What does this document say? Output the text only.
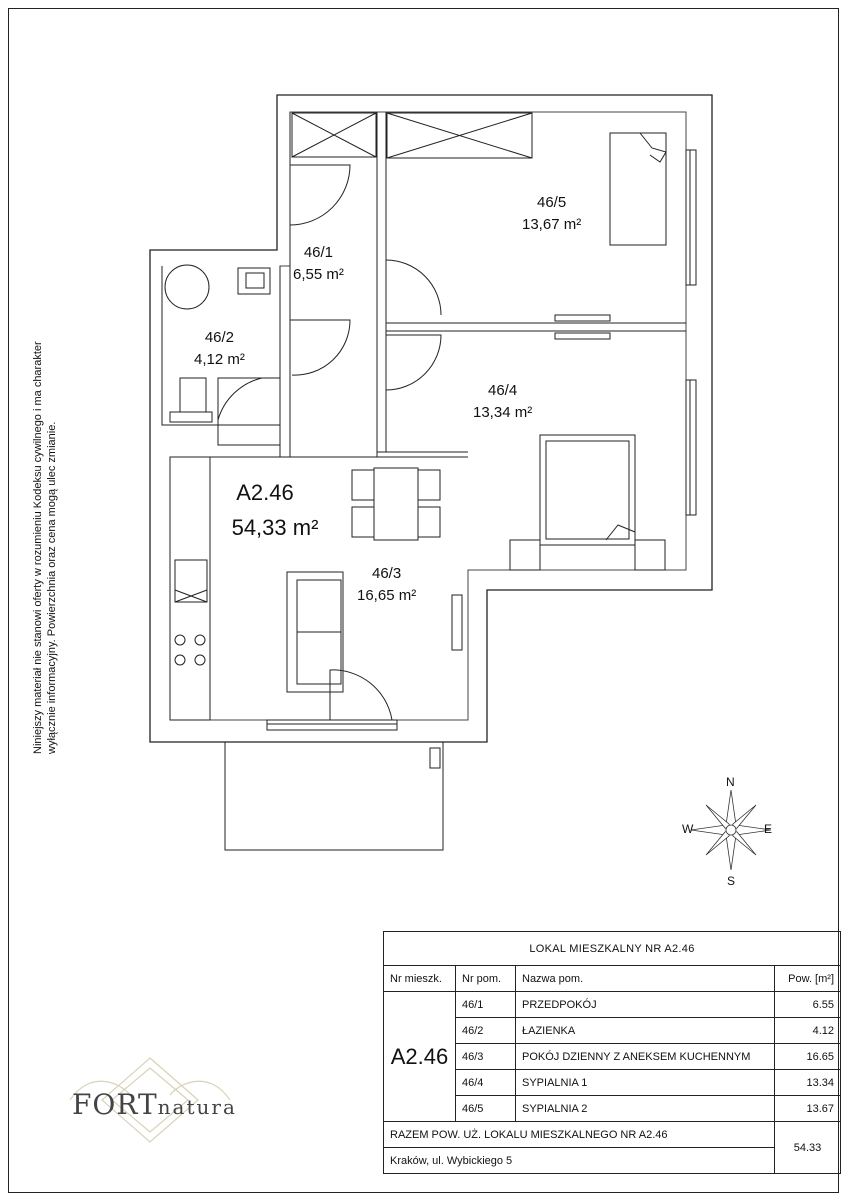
46/5
13,67 m²
46/1
6,55 m²
46/2
4,12 m²
46/4
13,34 m²
46/3
16,65 m²
A2.46
54,33 m²
Niniejszy materiał nie stanowi oferty w rozumieniu Kodeksu cywilnego i ma charakter wyłącznie informacyjny. Powierzchnia oraz cena mogą ulec zmianie.
N
E
S
W
LOKAL MIESZKALNY NR A2.46			
Nr mieszk.	Nr pom.	Nazwa pom.	Pow. [m²]
A2.46	46/1	PRZEDPOKÓJ	6.55
	46/2	ŁAZIENKA	4.12
	46/3	POKÓJ DZIENNY Z ANEKSEM KUCHENNYM	16.65
	46/4	SYPIALNIA 1	13.34
	46/5	SYPIALNIA 2	13.67
RAZEM POW. UŻ. LOKALU MIESZKALNEGO NR A2.46			54.33
Kraków, ul. Wybickiego 5			
FORTnatura
